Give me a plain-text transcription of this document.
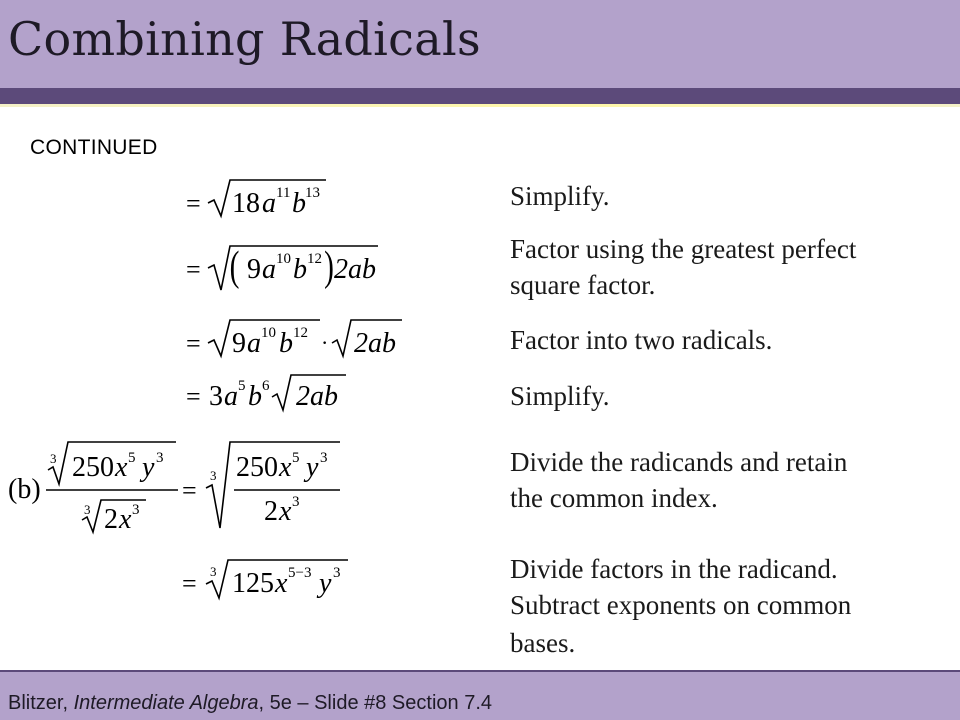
Combining Radicals
CONTINUED
Simplify.
Factor using the greatest perfect
square factor.
Factor into two radicals.
Simplify.
Divide the radicands and retain
the common index.
Divide factors in the radicand.
Subtract exponents on common
bases.
= 18 a 11 b 13
= ( 9 a 10 b 12 ) 2ab
= 9 a 10 b 12 · 2ab
= 3 a 5 b 6 2ab
(b)
3 250 x 5 y 3
3 2 x 3
=
3 250 x 5 y 3
2 x 3
= 3 125 x 5−3 y 3
Blitzer, Intermediate Algebra, 5e – Slide #8 Section 7.4
